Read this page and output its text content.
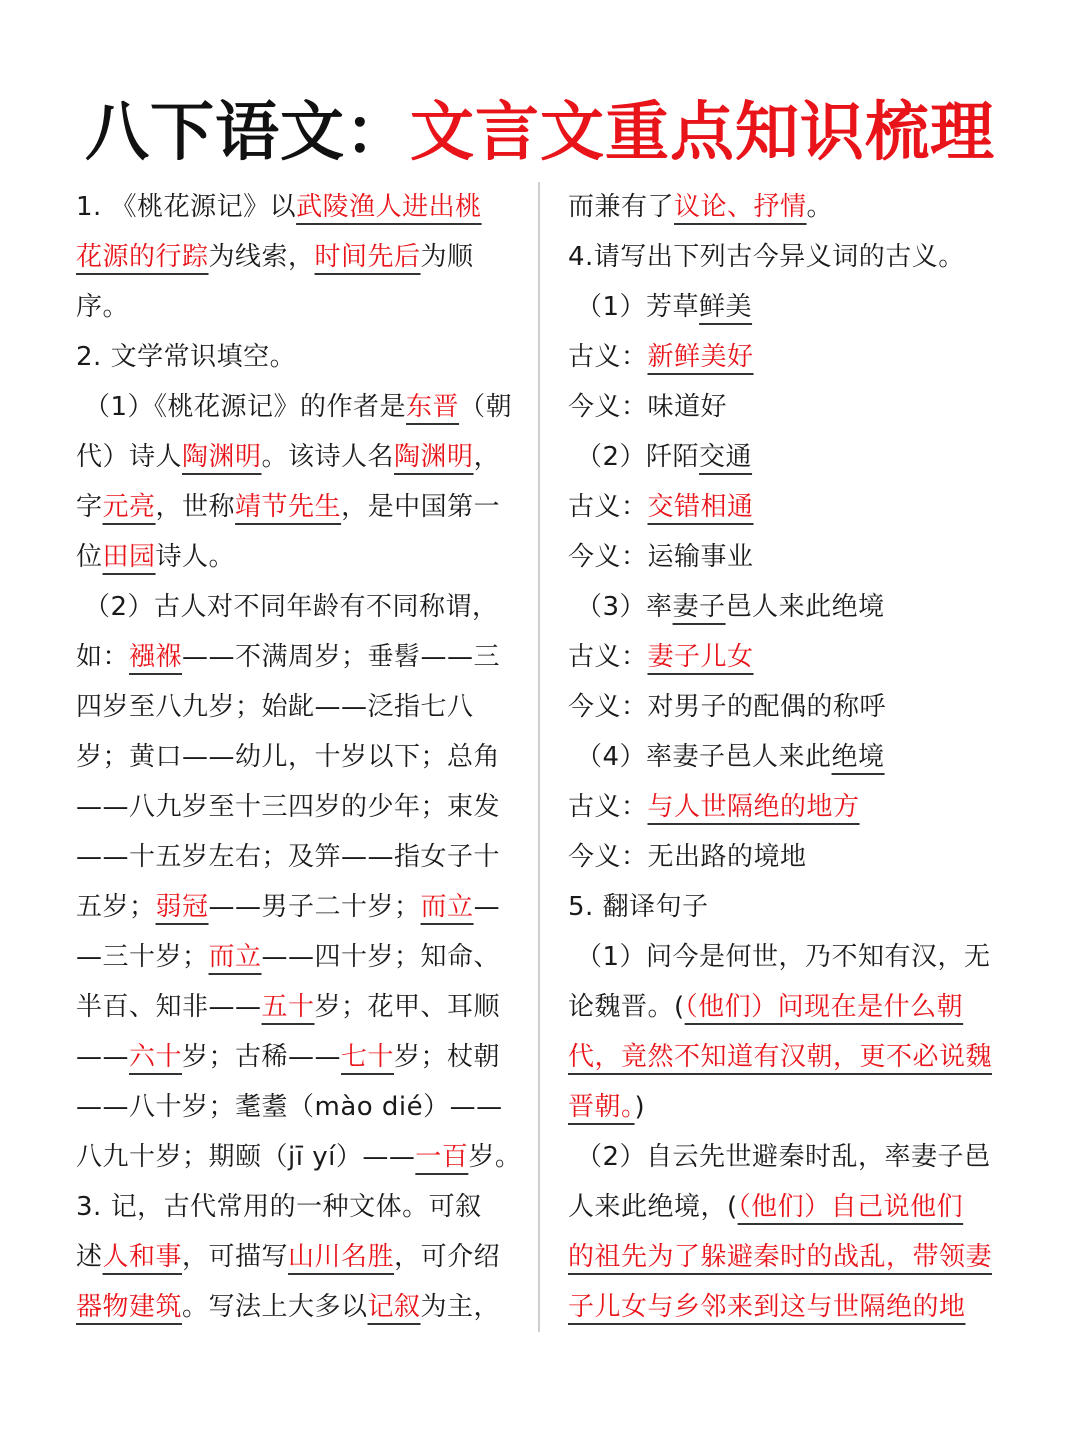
八下语文：文言文重点知识梳理
1. 《桃花源记》以武陵渔人进出桃
花源的行踪为线索，时间先后为顺
序。
2. 文学常识填空。
（1）《桃花源记》的作者是东晋（朝
代）诗人陶渊明。该诗人名陶渊明，
字元亮，世称靖节先生，是中国第一
位田园诗人。
（2）古人对不同年龄有不同称谓，
如：襁褓——不满周岁；垂髫——三
四岁至八九岁；始龀——泛指七八
岁；黄口——幼儿，十岁以下；总角
——八九岁至十三四岁的少年；束发
——十五岁左右；及笄——指女子十
五岁；弱冠——男子二十岁；而立—
—三十岁；而立——四十岁；知命、
半百、知非——五十岁；花甲、耳顺
——六十岁；古稀——七十岁；杖朝
——八十岁；耄耋（mào dié）——
八九十岁；期颐（jī yí）——一百岁。
3. 记，古代常用的一种文体。可叙
述人和事，可描写山川名胜，可介绍
器物建筑。写法上大多以记叙为主，
而兼有了议论、抒情。
4.请写出下列古今异义词的古义。
（1）芳草鲜美
古义：新鲜美好
今义：味道好
（2）阡陌交通
古义：交错相通
今义：运输事业
（3）率妻子邑人来此绝境
古义：妻子儿女
今义：对男子的配偶的称呼
（4）率妻子邑人来此绝境
古义：与人世隔绝的地方
今义：无出路的境地
5. 翻译句子
（1）问今是何世，乃不知有汉，无
论魏晋。(（他们）问现在是什么朝
代，竟然不知道有汉朝，更不必说魏
晋朝。)
（2）自云先世避秦时乱，率妻子邑
人来此绝境，(（他们）自己说他们
的祖先为了躲避秦时的战乱，带领妻
子儿女与乡邻来到这与世隔绝的地
